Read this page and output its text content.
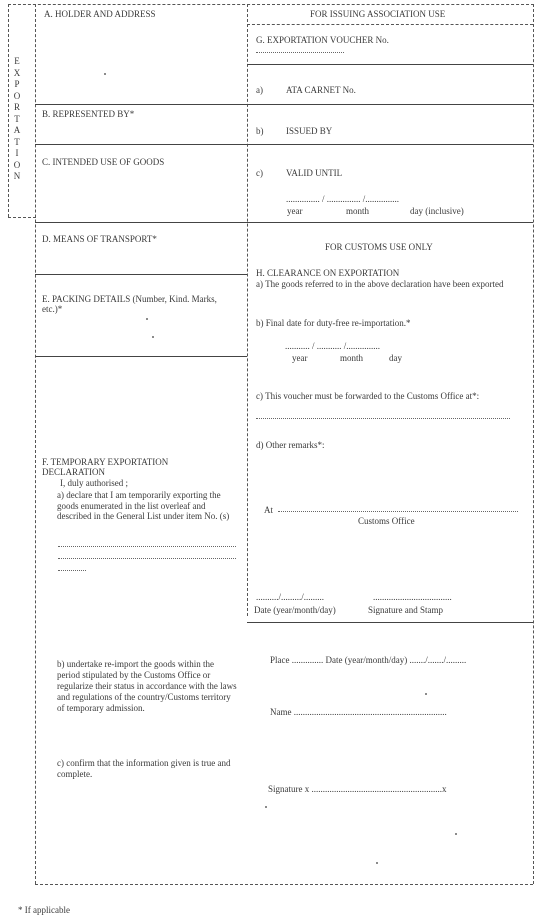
E
X
P
O
R
T
A
T
I
O
N
A. HOLDER AND ADDRESS
B. REPRESENTED BY*
C. INTENDED USE OF GOODS
D. MEANS OF TRANSPORT*
E. PACKING DETAILS (Number, Kind. Marks, etc.)*
F. TEMPORARY EXPORTATION
DECLARATION
I, duly authorised ;
a) declare that I am temporarily exporting the goods enumerated in the list overleaf and described in the General List under item No. (s)
b) undertake re-import the goods within the period stipulated by the Customs Office or regularize their status in accordance with the laws and regulations of the country/Customs territory of temporary admission.
c) confirm that the information given is true and complete.
FOR ISSUING ASSOCIATION USE
G. EXPORTATION VOUCHER No.
a)	ATA CARNET No.
b)	ISSUED BY
c)	VALID UNTIL
............... / ............... /...............
year	month	day (inclusive)
FOR CUSTOMS USE ONLY
H. CLEARANCE ON EXPORTATION
a) The goods referred to in the above declaration have been exported
b) Final date for duty-free re-importation.*
........... / ........... /...............
year	month	day
c) This voucher must be forwarded to the Customs Office at*:
d) Other remarks*:
At
Customs Office
........../........./.........	...................................
Date (year/month/day)	Signature and Stamp
Place .............. Date (year/month/day) ......./......./.........
Name ....................................................................
Signature x ..........................................................x
* If applicable
